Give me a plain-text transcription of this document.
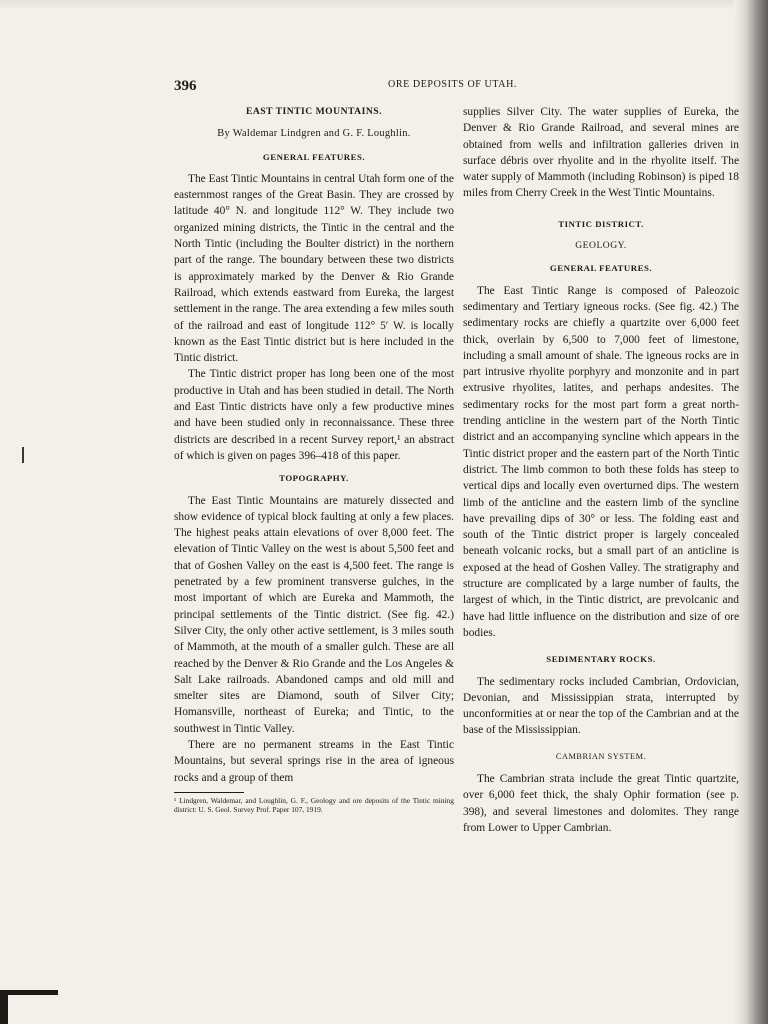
396	ORE DEPOSITS OF UTAH.
EAST TINTIC MOUNTAINS.
By Waldemar Lindgren and G. F. Loughlin.
GENERAL FEATURES.

The East Tintic Mountains in central Utah form one of the easternmost ranges of the Great Basin. They are crossed by latitude 40° N. and longitude 112° W. They include two organized mining districts, the Tintic in the central and the North Tintic (including the Boulter district) in the northern part of the range. The boundary between these two districts is approximately marked by the Denver & Rio Grande Railroad, which extends eastward from Eureka, the largest settlement in the range. The area extending a few miles south of the railroad and east of longitude 112° 5′ W. is locally known as the East Tintic district but is here included in the Tintic district.

The Tintic district proper has long been one of the most productive in Utah and has been studied in detail. The North and East Tintic districts have only a few productive mines and have been studied only in reconnaissance. These three districts are described in a recent Survey report,¹ an abstract of which is given on pages 396–418 of this paper.

TOPOGRAPHY.

The East Tintic Mountains are maturely dissected and show evidence of typical block faulting at only a few places. The highest peaks attain elevations of over 8,000 feet. The elevation of Tintic Valley on the west is about 5,500 feet and that of Goshen Valley on the east is 4,500 feet. The range is penetrated by a few prominent transverse gulches, in the most important of which are Eureka and Mammoth, the principal settlements of the Tintic district. (See fig. 42.) Silver City, the only other active settlement, is 3 miles south of Mammoth, at the mouth of a smaller gulch. These are all reached by the Denver & Rio Grande and the Los Angeles & Salt Lake railroads. Abandoned camps and old mill and smelter sites are Diamond, south of Silver City; Homansville, northeast of Eureka; and Tintic, to the southwest in Tintic Valley.

There are no permanent streams in the East Tintic Mountains, but several springs rise in the area of igneous rocks and a group of them

¹ Lindgren, Waldemar, and Loughlin, G. F., Geology and ore deposits of the Tintic mining district: U. S. Geol. Survey Prof. Paper 107, 1919.

supplies Silver City. The water supplies of Eureka, the Denver & Rio Grande Railroad, and several mines are obtained from wells and infiltration galleries driven in surface débris over rhyolite and in the rhyolite itself. The water supply of Mammoth (including Robinson) is piped 18 miles from Cherry Creek in the West Tintic Mountains.

TINTIC DISTRICT.
GEOLOGY.
GENERAL FEATURES.

The East Tintic Range is composed of Paleozoic sedimentary and Tertiary igneous rocks. (See fig. 42.) The sedimentary rocks are chiefly a quartzite over 6,000 feet thick, overlain by 6,500 to 7,000 feet of limestone, including a small amount of shale. The igneous rocks are in part intrusive rhyolite porphyry and monzonite and in part extrusive rhyolites, latites, and perhaps andesites. The sedimentary rocks for the most part form a great north-trending anticline in the western part of the North Tintic district and an accompanying syncline which appears in the Tintic district proper and the eastern part of the North Tintic district. The limb common to both these folds has steep to vertical dips and locally even overturned dips. The western limb of the anticline and the eastern limb of the syncline have prevailing dips of 30° or less. The folding east and south of the Tintic district proper is largely concealed beneath volcanic rocks, but a small part of an anticline is exposed at the head of Goshen Valley. The stratigraphy and structure are complicated by a large number of faults, the largest of which, in the Tintic district, are prevolcanic and have had little influence on the distribution and size of ore bodies.

SEDIMENTARY ROCKS.

The sedimentary rocks included Cambrian, Ordovician, Devonian, and Mississippian strata, interrupted by unconformities at or near the top of the Cambrian and at the base of the Mississippian.

CAMBRIAN SYSTEM.

The Cambrian strata include the great Tintic quartzite, over 6,000 feet thick, the shaly Ophir formation (see p. 398), and several limestones and dolomites. They range from Lower to Upper Cambrian.
